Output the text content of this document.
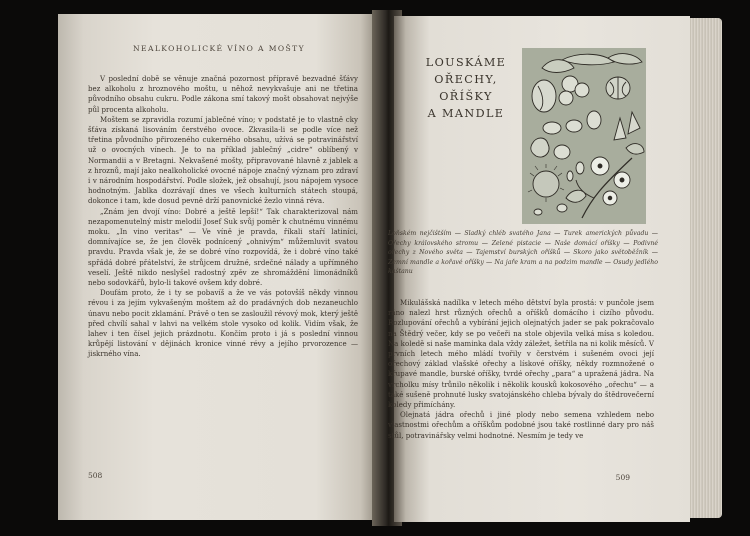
NEALKOHOLICKÉ VÍNO A MOŠTY

V poslední době se věnuje značná pozornost přípravě bezvadné šťávy bez alkoholu z hroznového moštu, u něhož nevykvašuje ani ne třetina původního obsahu cukru. Podle zákona smí takový mošt obsahovat nejvýše půl procenta alkoholu.

Moštem se zpravidla rozumí jablečné víno; v podstatě je to vlastně cky šťáva získaná lisováním čerstvého ovoce. Zkvasila-li se podle více než třetina původního přirozeného cukerného obsahu, užívá se potravinářství už o ovocných vínech. Je to na příklad jablečný „cidre“ oblíbený v Normandii a v Bretagni. Nekvašené mošty, připravované hlavně z jablek a z hroznů, mají jako nealkoholické ovocné nápoje značný význam pro zdraví i v národním hospodářství. Podle složek, jež obsahují, jsou nápojem vysoce hodnotným. Jablka dozrávají dnes ve všech kulturních státech stoupá, dokonce i tam, kde dosud pevně drží panovnické žezlo vinná réva.

„Znám jen dvojí víno: Dobré a ještě lepší!“ Tak charakterizoval nám nezapomenutelný mistr melodií Josef Suk svůj poměr k chutnému vinnému moku. „In vino veritas“ — Ve víně je pravda, říkali staří latiníci, domnívajíce se, že jen člověk podnícený „ohnivým“ můžemluvit svatou pravdu. Pravda však je, že se dobré víno rozpovídá, že i dobré víno také spřádá dobré přátelství, že strůjcem družné, srdečné nálady a upřímného veselí. Ještě nikdo neslyšel radostný zpěv ze shromáždění limonádníků nebo sodovkářů, bylo-li takové ovšem kdy dobré.

Doufám proto, že i ty se pobavíš a že ve vás potovšíš někdy vinnou révou i za jejím vykvašeným moštem až do pradávných dob nezaneuchlo únavu nebo pocit zklamání. Právě o ten se zasloužil révový mok, který ještě před chvílí sahal v lahvi na velkém stole vysoko od kolik. Vidím však, že lahev i ten čísel jejich prázdnotu. Končím proto i já s poslední vinnou krůpějí listování v dějinách kronice vinné révy a jejího prvorozence — jiskrného vína.

508
LOUSKÁME
OŘECHY, OŘÍŠKY
A MANDLE
Loňském nejčištším — Sladký chléb svatého Jana — Turek amerických půvadu — Ořechy královského stromu — Zelené pistacie — Naše domácí oříšky — Podivné ořechy z Nového světa — Tajemství burských oříšků — Skoro jako světoběžník — Zemní mandle a kořavé oříšky — Na jaře kram a na podzim mandle — Osudy jedlého kaštanu

Mikulášská nadílka v letech mého dětství byla prostá: v punčole jsem ráno nalezl hrst různých ořechů a oříšků domácího i cizího původu. Rozlupování ořechů a vybírání jejich olejnatých jader se pak pokračovalo na Štědrý večer, kdy se po večeři na stole objevila velká mísa s koledou. Na koledě si naše maminka dala vždy záležet, šetřila na ni kolik měsíců. V prvních letech mého mládí tvořily v čerstvém i sušeném ovoci její ořechový základ vlašské ořechy a lískové oříšky, někdy rozmnožené o křupavé mandle, burské oříšky, tvrdé ořechy „para“ a upražená jádra. Na vrcholku mísy trůnilo několik i několik kousků kokosového „ořechu“ — a také sušeně prohnuté lusky svatojánského chleba bývaly do štědrovečerní koledy přimíchány.

Olejnatá jádra ořechů i jiné plody nebo semena vzhledem nebo vlastnostmi ořechům a oříškům podobné jsou také rostlinné dary pro náš stůl, potravinářsky velmi hodnotné. Nesmím je tedy ve

509
